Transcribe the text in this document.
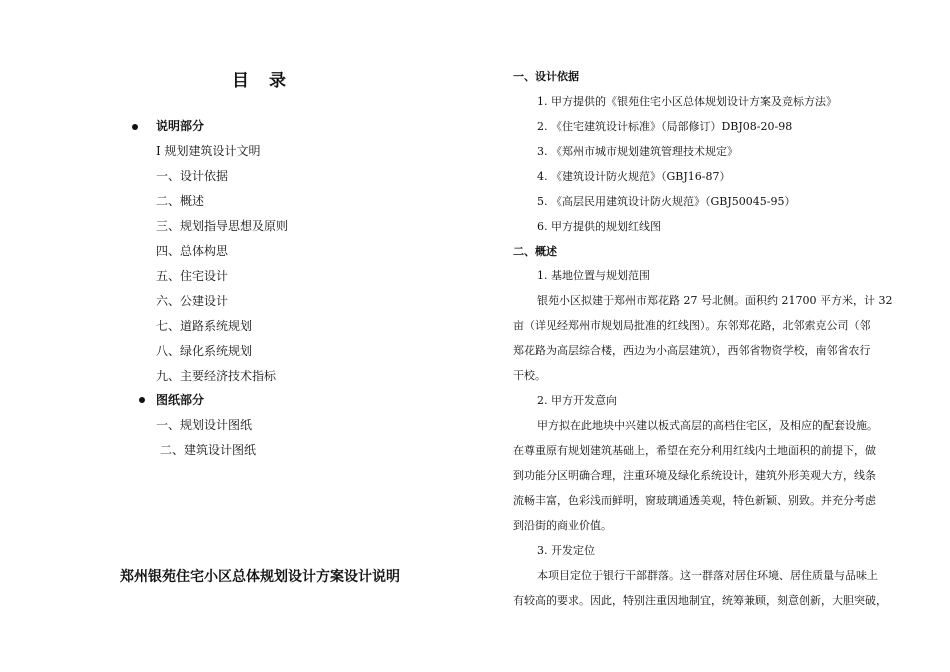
目录
说明部分
I 规划建筑设计文明
一、设计依据
二、概述
三、规划指导思想及原则
四、总体构思
五、住宅设计
六、公建设计
七、道路系统规划
八、绿化系统规划
九、主要经济技术指标
图纸部分
一、规划设计图纸
二、建筑设计图纸
郑州银苑住宅小区总体规划设计方案设计说明
一、设计依据
1. 甲方提供的《银苑住宅小区总体规划设计方案及竞标方法》
2. 《住宅建筑设计标准》（局部修订）DBJ08-20-98
3. 《郑州市城市规划建筑管理技术规定》
4. 《建筑设计防火规范》（GBJ16-87）
5. 《高层民用建筑设计防火规范》（GBJ50045-95）
6. 甲方提供的规划红线图
二、概述
1. 基地位置与规划范围
银苑小区拟建于郑州市郑花路 27 号北侧。面积约 21700 平方米，计 32
亩（详见经郑州市规划局批准的红线图）。东邻郑花路，北邻索克公司（邻
郑花路为高层综合楼，西边为小高层建筑），西邻省物资学校，南邻省农行
干校。
2. 甲方开发意向
甲方拟在此地块中兴建以板式高层的高档住宅区，及相应的配套设施。
在尊重原有规划建筑基础上，希望在充分利用红线内土地面积的前提下，做
到功能分区明确合理，注重环境及绿化系统设计，建筑外形美观大方，线条
流畅丰富，色彩浅而鲜明，窗玻璃通透美观，特色新颖、别致。并充分考虑
到沿街的商业价值。
3. 开发定位
本项目定位于银行干部群落。这一群落对居住环境、居住质量与品味上
有较高的要求。因此，特别注重因地制宜，统筹兼顾，刻意创新，大胆突破，
